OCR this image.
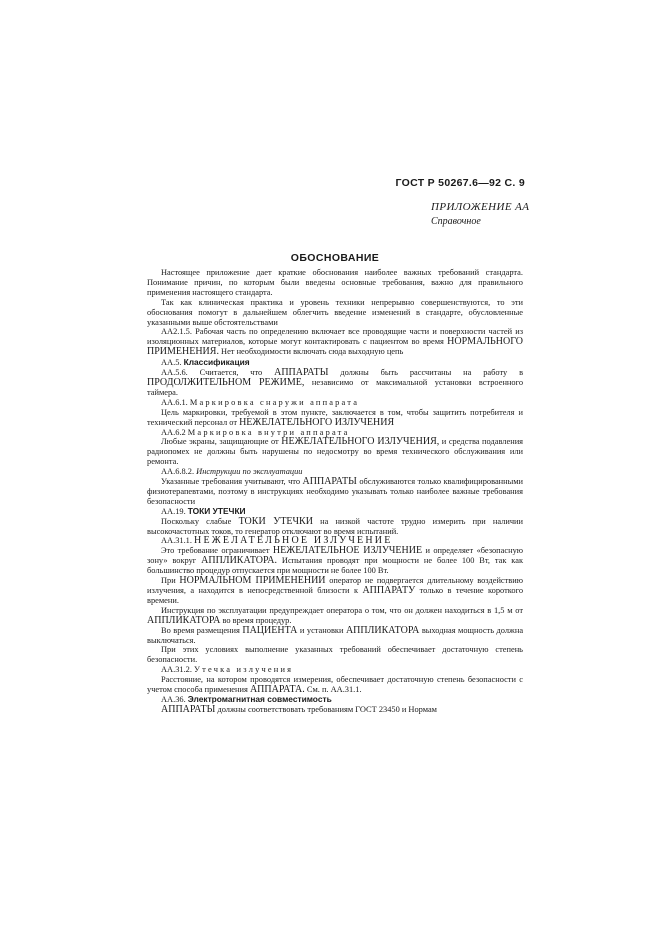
ГОСТ Р 50267.6—92 С. 9
ПРИЛОЖЕНИЕ АА
Справочное
ОБОСНОВАНИЕ

Настоящее приложение дает краткие обоснования наиболее важных требований стандарта. Понимание причин, по которым были введены основные требования, важно для правильного применения настоящего стандарта.

Так как клиническая практика и уровень техники непрерывно совершенствуются, то эти обоснования помогут в дальнейшем облегчить введение изменений в стандарте, обусловленные указанными выше обстоятельствами

АА2.1.5. Рабочая часть по определению включает все проводящие части и поверхности частей из изоляционных материалов, которые могут контактировать с пациентом во время НОРМАЛЬНОГО ПРИМЕНЕНИЯ. Нет необходимости включать сюда выходную цепь

АА.5. Классификация

АА.5.6. Считается, что АППАРАТЫ должны быть рассчитаны на работу в ПРОДОЛЖИТЕЛЬНОМ РЕЖИМЕ, независимо от максимальной установки встроенного таймера.

АА.6.1. Маркировка снаружи аппарата

Цель маркировки, требуемой в этом пункте, заключается в том, чтобы защитить потребителя и технический персонал от НЕЖЕЛАТЕЛЬНОГО ИЗЛУЧЕНИЯ

АА.6.2 Маркировка внутри аппарата

Любые экраны, защищающие от НЕЖЕЛАТЕЛЬНОГО ИЗЛУЧЕНИЯ, и средства подавления радиопомех не должны быть нарушены по недосмотру во время технического обслуживания или ремонта.

АА.6.8.2. Инструкции по эксплуатации

Указанные требования учитывают, что АППАРАТЫ обслуживаются только квалифицированными физиотерапевтами, поэтому в инструкциях необходимо указывать только наиболее важные требования безопасности

АА.19. ТОКИ УТЕЧКИ

Поскольку слабые ТОКИ УТЕЧКИ на низкой частоте трудно измерить при наличии высокочастотных токов, то генератор отключают во время испытаний.

АА.31.1. НЕЖЕЛАТЕЛЬНОЕ ИЗЛУЧЕНИЕ

Это требование ограничивает НЕЖЕЛАТЕЛЬНОЕ ИЗЛУЧЕНИЕ и определяет «безопасную зону» вокруг АППЛИКАТОРА. Испытания проводят при мощности не более 100 Вт, так как большинство процедур отпускается при мощности не более 100 Вт.

При НОРМАЛЬНОМ ПРИМЕНЕНИИ оператор не подвергается длительному воздействию излучения, а находится в непосредственной близости к АППАРАТУ только в течение короткого времени.

Инструкция по эксплуатации предупреждает оператора о том, что он должен находиться в 1,5 м от АППЛИКАТОРА во время процедур.

Во время размещения ПАЦИЕНТА и установки АППЛИКАТОРА выходная мощность должна выключаться.

При этих условиях выполнение указанных требований обеспечивает достаточную степень безопасности.

АА.31.2. Утечка излучения

Расстояние, на котором проводятся измерения, обеспечивает достаточную степень безопасности с учетом способа применения АППАРАТА. См. п. АА.31.1.

АА.36. Электромагнитная совместимость

АППАРАТЫ должны соответствовать требованиям ГОСТ 23450 и Нормам
